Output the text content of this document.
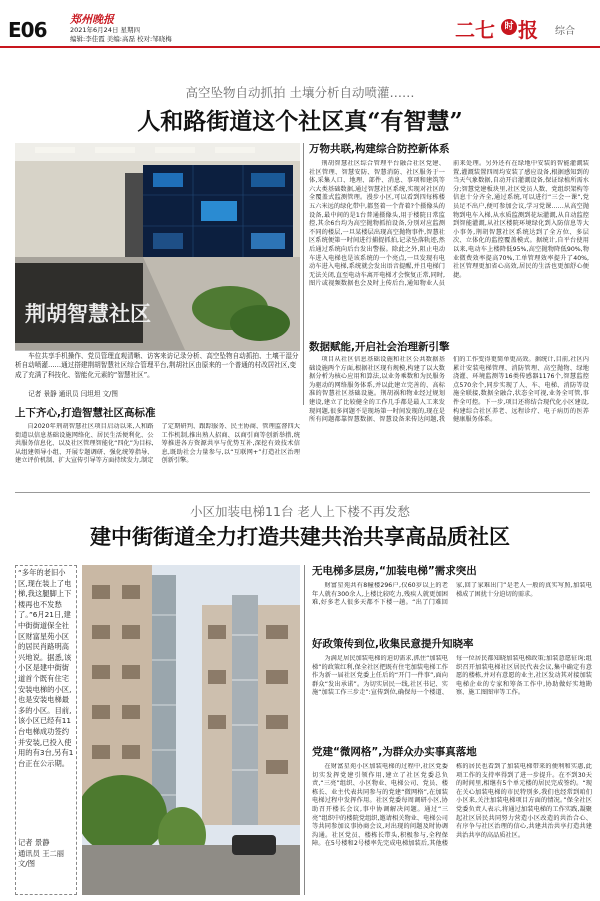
E06 郑州晚报
2021年6月24日 星期四
编辑:李佳霞 美编:高磊 校对:邹晓梅	二七	时 报 综合
高空坠物自动抓拍 土壤分析自动喷灌……
人和路街道这个社区真“有智慧”
荆胡智慧社区
车位共享手机操作、党员管理直观清晰、访客来访记录分析、高空坠物自动抓拍、土壤干湿分析自动喷灌……通过搭建荆胡智慧社区综合管理平台,荆胡社区由原来的一个普通的村改居社区,变成了充满了科技化、智能化元素的“智慧社区”。
记者 景静 通讯员 闫坦坦 文/图
万物共联,构建综合防控新体系
荆胡智慧社区综合管理平台融合社区党建、社区管理、智慧安防、智慧消防、社区服务于一体,采集人口、地理、部件、消息、事项和建筑等六大类基础数据,通过智慧社区系统,实现对社区的全覆盖式监测管理。漫步小区,可以看到四每栋楼五六米远的绿化带中,都竖着一个背着?个摄像头的设备,最中间的是1台普通摄像头,用于楼院日常监控,其余6台均为高空抛物抓拍设备,分别对应监测不同的楼层,一旦某楼层出现高空抛物事件,智慧社区系统便第一时间进行捕捉抓拍,记录坠落轨迹,然后通过系统向后台发出警报。除此之外,阻止电动车进入电梯也是该系统的一个亮点,一旦发现有电动车进入电梯,系统就会发出语音提醒,并且电梯门无法关闭,直至电动车离开电梯才会恢复正常,同时,图片或视频数据也会及时上传后台,通知物业人员前来处理。另外还有在绿地中安装的智能灌溉装置,灌溉装置四周均安装了感应设备,根据感知到的当天气象数据,自动开启灌溉设备,保证绿植所需水分;智慧党建板块里,社区党员人数、党组织架构等信息十分齐全,通过系统,可以进行“三会一课”,党员足不出户,便可参加会议,学习党课……从高空抛物到电车入梯,从水质监测到花坛灌溉,从自动监控到智能灌溉,从社区楼院环境绿化到入防信息等大小事务,荆胡智慧社区系统达到了全方位、多层次、立体化的监控覆盖模式。据统计,自平台使用以来,电动车上楼降低95%,高空抛物降低90%,物业微费效率提高70%,工单管理效率提升了40%,社区管理更加省心高效,居民的生活也更加舒心便捷。
数据赋能,开启社会治理新引擎
项目从社区信息基础设施和社区公共数据基础设施两个方面,根据社区现有规模,构建了以大数据分析为核心应用和算法,以业务乘数和为民服务为驱动的网络服务体系,并以此建立完善的、高标准的智慧社区基础设施。荆胡祸和物业经过规划建设,建立了比较健全的工作几手都是最人工来发现问题,很多问题不是现场第一时间发现的,现在是所有问题都靠智慧数据、智慧设备来传达问题,我们的工作变得更简单更高效。据统计,目前,社区内累计安装电梯管理、消防管理、高空抛物、绿地浇灌、环境监测等16类传感器1176个,智慧监控点570余个,同步实现了人、车、电梯、消防等设施全联接,数据全融合,状态全可视,业务全可管,事件全可控。下一步,项目还将结合现代化小区建设,构建综合社区养老、远程诊疗、电子病历的医养健康服务体系。
上下齐心,打造智慧社区高标准
自2020年荆胡智慧社区项目启动以来,人和路街道以信息基础设施网络化、居民生活便利化、公共服务信息化、以及社区管理智能化“四化”为目标,从组建领导小组、开展专题调研、强化统筹指导、建立评价机制、扩大宣传引导等方面持续发力,制定了定期研判、跟踪服务、民主协商、管理监督四大工作机制,推出熟人招商、以商引商等创新举措,统筹推进各方资源共享与优势互补,深挖有效技术信息,既助社会力量参与,以“互联网+”打造社区治理创新引擎。
小区加装电梯11台 老人上下楼不再发愁
建中街街道全力打造共建共治共享高品质社区
“多年的老旧小区,现在装上了电梯,我这腿脚上下楼再也不发愁了。”6月21日,建中街街道保全社区财富星苑小区的居民肖路明高兴地说。据悉,该小区是建中街街道首个既有住宅安装电梯的小区,也是安装电梯最多的小区。目前,该小区已经有11台电梯成功签约并安装,已投入使用的有3台,另有1台正在公示期。
记者 景静
通讯员 王二丽
文/图
无电梯多层房,“加装电梯”需求突出
财富星苑共有8幢楼296户,仅60岁以上的老年人就有300余人,上楼比较吃力,残疾人就更加困难,好多老人很多天都不下楼一趟。“出了门难回家,回了家难出门”是老人一般的真实写照,加装电梯成了困扰十分迫切的需求。
好政策传到位,收集民意提升知晓率
为满足居民加装电梯的迫切需求,抓住“加装电梯”的政策红利,保全社区把既有住宅加装电梯工作作为新一届社区党委上任后的“开门一件事”,面向群众“发出承诺”。为切实居民一线,社区书记、实施“加装工作三步走”:宣传到位,确保每一个楼道、每一位居民都知晓加装电梯政策;加装意愿征询;组织召开加装电梯社区居民代表会议,集中确定有意愿的楼栋,并对有意愿的业主,社区发动其对接加装电梯企业的专家和筹备工作中,协助做好实地勘察、施工图图审等工作。
党建“微网格”,为群众办实事真落地
在财富星苑小区加装电梯的过程中,社区党委切实发挥党建引领作用,建立了社区党委总负责,“三亮”组织、小区物业、电梯公司、党员、楼栋长、业主代表共同参与的党建“微网格”,在加装电梯过程中发挥作用。社区党委每周调研小区,协助召开楼长会议,事中协调解决问题。通过“三亮”组织中的楼院党组织,邀请相关物业、电梯公司等共同参加议事协商会议,对出现的问题及时协调沟通。社区党员、楼栋长带头,积极参与,全程保障。在5号楼和2号楼率先完成电梯加装后,其他楼栋的居民也看到了加装电梯带来的便利和实惠,此项工作的支持率得到了进一步提升。在不到30天的时间里,相继有5个单元楼的居民完成签约。“现在关心加装电梯的市民特别多,我们也经常到咱们小区来,关注加装电梯项目方面的情况。”保全社区党委负责人表示,将通过加装电梯的工作实践,凝聚起社区居民共同努力营造小区改造的共治合心、有序争与社区治理的信心,共建共治共享打造共建共治共享的高品质社区。
